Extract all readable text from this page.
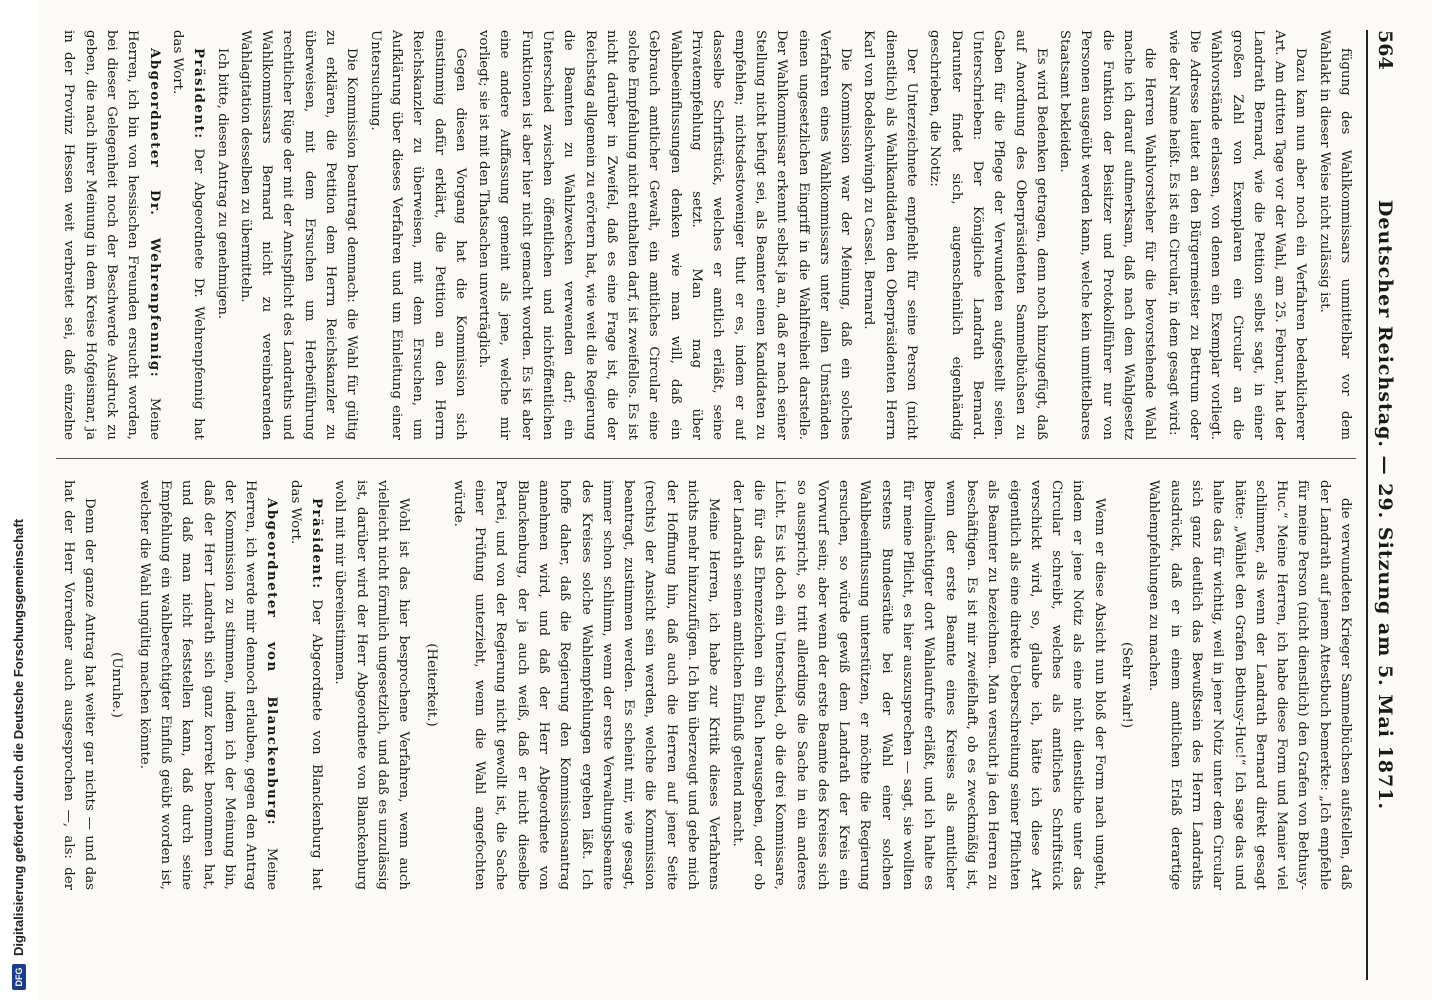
564
Deutscher Reichstag. — 29. Sitzung am 5. Mai 1871.

fügung des Wahlkommissars unmittelbar vor dem Wahlakt in dieser Weise nicht zulässig ist.

Dazu kam nun aber noch ein Verfahren bedenklicherer Art. Am dritten Tage vor der Wahl, am 25. Februar, hat der Landrath Bernard, wie die Petition selbst sagt, in einer großen Zahl von Exemplaren ein Circular an die Wahlvorstände erlassen, von denen ein Exemplar vorliegt. Die Adresse lautet an den Bürgermeister zu Bettrum oder wie der Name heißt. Es ist ein Circular, in dem gesagt wird:

die Herren Wahlvorsteher für die bevorstehende Wahl mache ich darauf aufmerksam, daß nach dem Wahlgesetz die Funktion der Beisitzer und Protokollführer nur von Personen ausgeübt werden kann, welche kein unmittelbares Staatsamt bekleiden.

Es wird Bedenken getragen, denn noch hinzugefügt, daß auf Anordnung des Oberpräsidenten Sammelbüchsen zu Gaben für die Pflege der Verwundeten aufgestellt seien. Unterschrieben: Der Königliche Landrath Bernard. Darunter findet sich, augenscheinlich eigenhändig geschrieben, die Notiz:

Der Unterzeichnete empfiehlt für seine Person (nicht dienstlich) als Wahlkandidaten den Oberpräsidenten Herrn Karl von Bodelschwingh zu Cassel. Bernard.

Die Kommission war der Meinung, daß ein solches Verfahren eines Wahlkommissars unter allen Umständen einen ungesetzlichen Eingriff in die Wahlfreiheit darstelle. Der Wahlkommissar erkennt selbst ja an, daß er nach seiner Stellung nicht befugt sei, als Beamter einen Kandidaten zu empfehlen; nichtsdestoweniger thut er es, indem er auf dasselbe Schriftstück, welches er amtlich erläßt, seine Privatempfehlung setzt. Man mag über Wahlbeeinflussungen denken wie man will, daß ein Gebrauch amtlicher Gewalt, ein amtliches Circular eine solche Empfehlung nicht enthalten darf, ist zweifellos. Es ist nicht darüber in Zweifel, daß es eine Frage ist, die der Reichstag allgemein zu erörtern hat, wie weit die Regierung die Beamten zu Wahlzwecken verwenden darf; ein Unterschied zwischen öffentlichen und nichtöffentlichen Funktionen ist aber hier nicht gemacht worden. Es ist aber eine andere Auffassung gemeint als jene, welche mir vorliegt; sie ist mit den Thatsachen unverträglich.

Gegen diesen Vorgang hat die Kommission sich einstimmig dafür erklärt, die Petition an den Herrn Reichskanzler zu überweisen, mit dem Ersuchen, um Aufklärung über dieses Verfahren und um Einleitung einer Untersuchung.

Die Kommission beantragt demnach: die Wahl für gültig zu erklären, die Petition dem Herrn Reichskanzler zu überweisen, mit dem Ersuchen um Herbeiführung rechtlicher Rüge der mit der Amtspflicht des Landraths und Wahlkommissars Bernard nicht zu vereinbarenden Wahlagitation desselben zu übermitteln.

Ich bitte, diesen Antrag zu genehmigen.

Präsident: Der Abgeordnete Dr. Wehrenpfennig hat das Wort.

Abgeordneter Dr. Wehrenpfennig: Meine Herren, ich bin von hessischen Freunden ersucht worden, bei dieser Gelegenheit noch der Beschwerde Ausdruck zu geben, die nach ihrer Meinung in dem Kreise Hofgeismar, ja in der Provinz Hessen weit verbreitet sei, daß einzelne

die verwundeten Krieger Sammelbüchsen aufstellen, daß der Landrath auf jenem Attestbuch bemerkte: „Ich empfehle für meine Person (nicht dienstlich) den Grafen von Bethusy-Huc.“ Meine Herren, ich habe diese Form und Manier viel schlimmer, als wenn der Landrath Bernard direkt gesagt hätte: „Wählet den Grafen Bethusy-Huc!“ Ich sage das und halte das für wichtig, weil in jener Notiz unter dem Circular sich ganz deutlich das Bewußtsein des Herrn Landraths ausdrückt, daß er in einem amtlichen Erlaß derartige Wahlempfehlungen zu machen.

(Sehr wahr!)

Wenn er diese Absicht nun bloß der Form nach umgeht, indem er jene Notiz als eine nicht dienstliche unter das Circular schreibt, welches als amtliches Schriftstück verschickt wird, so, glaube ich, hätte ich diese Art eigentlich als eine direkte Ueberschreitung seiner Pflichten als Beamter zu bezeichnen. Man versucht ja den Herren zu beschäftigen. Es ist mir zweifelhaft, ob es zweckmäßig ist, wenn der erste Beamte eines Kreises als amtlicher Bevollmächtigter dort Wahlaufrufe erläßt, und ich halte es für meine Pflicht, es hier auszusprechen — sagt, sie wollten erstens Bundesräthe bei der Wahl einer solchen Wahlbeeinflussung unterstützen, er möchte die Regierung ersuchen, so würde gewiß dem Landrath der Kreis ein Vorwurf sein; aber wenn der erste Beamte des Kreises sich so ausspricht, so tritt allerdings die Sache in ein anderes Licht. Es ist doch ein Unterschied, ob die drei Kommissare, die für das Ehrenzeichen ein Buch herausgeben, oder ob der Landrath seinen amtlichen Einfluß geltend macht.

Meine Herren, ich habe zur Kritik dieses Verfahrens nichts mehr hinzuzufügen. Ich bin überzeugt und gebe mich der Hoffnung hin, daß auch die Herren auf jener Seite (rechts) der Ansicht sein werden, welche die Kommission beantragt, zustimmen werden. Es scheint mir, wie gesagt, immer schon schlimm, wenn der erste Verwaltungsbeamte des Kreises solche Wahlempfehlungen ergehen läßt. Ich hoffe daher, daß die Regierung den Kommissionsantrag annehmen wird, und daß der Herr Abgeordnete von Blanckenburg, der ja auch weiß, daß er nicht dieselbe Partei, und von der Regierung nicht gewollt ist, die Sache einer Prüfung unterzieht, wenn die Wahl angefochten würde.

(Heiterkeit.)

Wohl ist das hier besprochene Verfahren, wenn auch vielleicht nicht förmlich ungesetzlich, und daß es unzulässig ist, darüber wird der Herr Abgeordnete von Blanckenburg wohl mit mir übereinstimmen.

Präsident: Der Abgeordnete von Blanckenburg hat das Wort.

Abgeordneter von Blanckenburg: Meine Herren, ich werde mir dennoch erlauben, gegen den Antrag der Kommission zu stimmen, indem ich der Meinung bin, daß der Herr Landrath sich ganz korrekt benommen hat, und daß man nicht feststellen kann, daß durch seine Empfehlung ein wahlberechtigter Einfluß geübt worden ist, welcher die Wahl ungültig machen könnte.

(Unruhe.)

Denn der ganze Antrag hat weiter gar nichts — und das hat der Herr Vorredner auch ausgesprochen —, als: der

DFG
Digitalisierung gefördert durch die Deutsche Forschungsgemeinschaft
